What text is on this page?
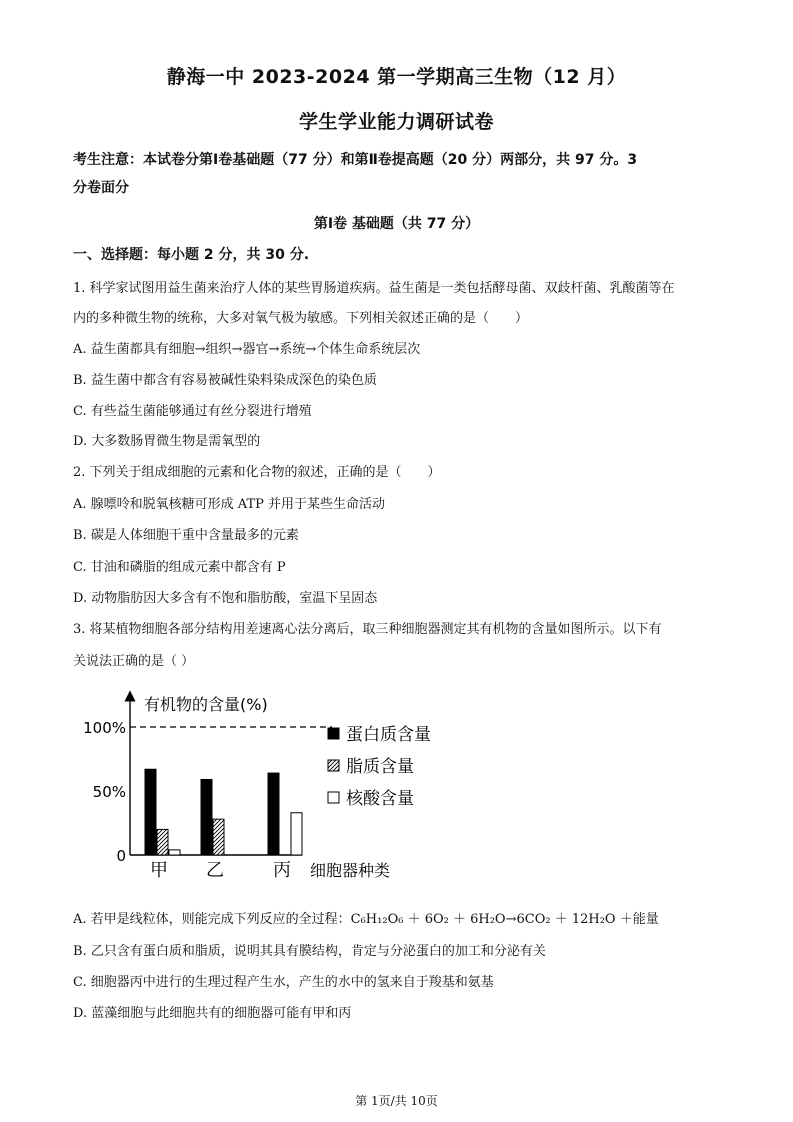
静海一中 2023-2024 第一学期高三生物（12 月）
学生学业能力调研试卷
考生注意：本试卷分第Ⅰ卷基础题（77 分）和第Ⅱ卷提高题（20 分）两部分，共 97 分。3
分卷面分
第Ⅰ卷 基础题（共 77 分）
一、选择题：每小题 2 分，共 30 分.
1. 科学家试图用益生菌来治疗人体的某些胃肠道疾病。益生菌是一类包括酵母菌、双歧杆菌、乳酸菌等在
内的多种微生物的统称，大多对氧气极为敏感。下列相关叙述正确的是（　　）
A. 益生菌都具有细胞→组织→器官→系统→个体生命系统层次
B. 益生菌中都含有容易被碱性染料染成深色的染色质
C. 有些益生菌能够通过有丝分裂进行增殖
D. 大多数肠胃微生物是需氧型的
2. 下列关于组成细胞的元素和化合物的叙述，正确的是（　　）
A. 腺嘌呤和脱氧核糖可形成 ATP 并用于某些生命活动
B. 碳是人体细胞干重中含量最多的元素
C. 甘油和磷脂的组成元素中都含有 P
D. 动物脂肪因大多含有不饱和脂肪酸，室温下呈固态
3. 将某植物细胞各部分结构用差速离心法分离后，取三种细胞器测定其有机物的含量如图所示。以下有
关说法正确的是（ ）
有机物的含量(%)
0
50%
100%
细胞器种类
甲 乙	丙
蛋白质含量
脂质含量
核酸含量
A. 若甲是线粒体，则能完成下列反应的全过程：C₆H₁₂O₆ ＋ 6O₂ ＋ 6H₂O→6CO₂ ＋ 12H₂O ＋能量
B. 乙只含有蛋白质和脂质，说明其具有膜结构，肯定与分泌蛋白的加工和分泌有关
C. 细胞器丙中进行的生理过程产生水，产生的水中的氢来自于羧基和氨基
D. 蓝藻细胞与此细胞共有的细胞器可能有甲和丙
第 1页/共 10页
